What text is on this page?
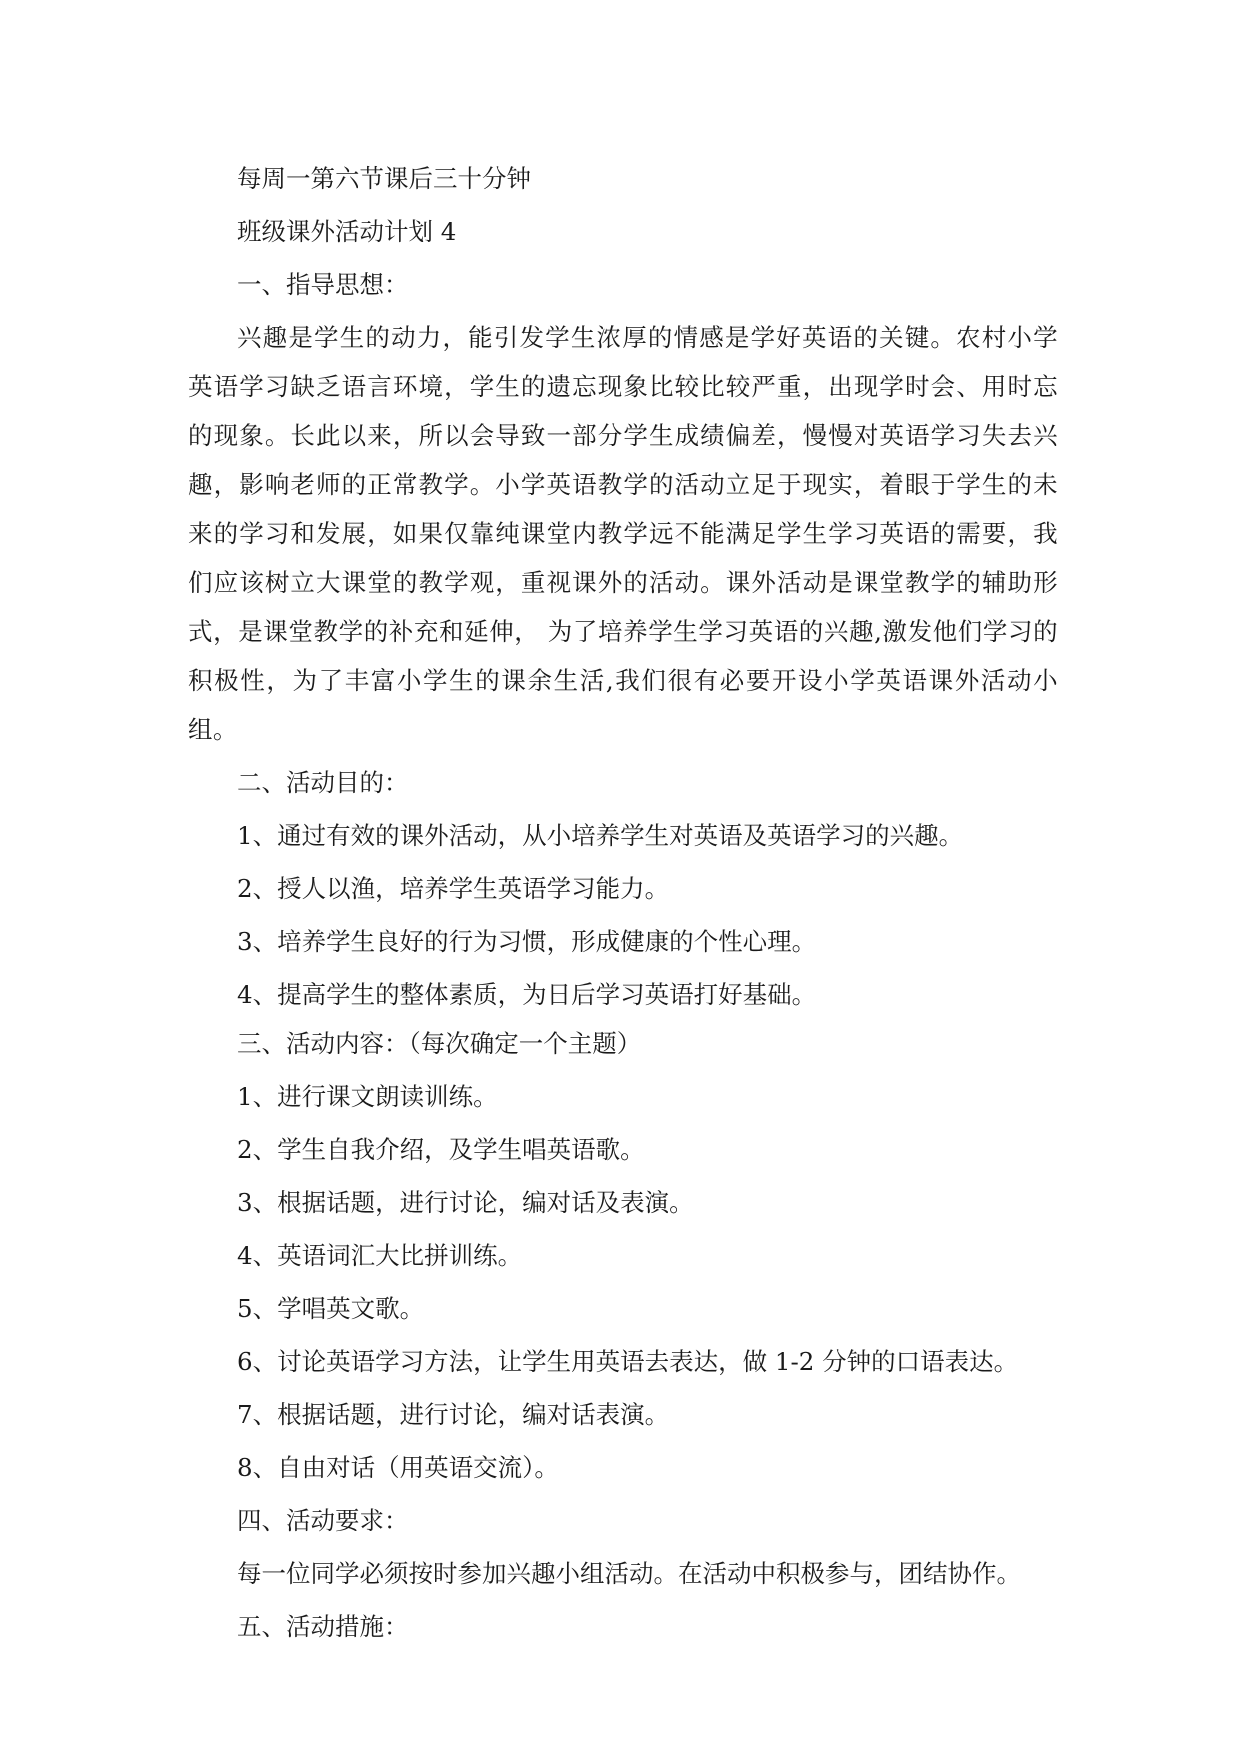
每周一第六节课后三十分钟

班级课外活动计划 4

一、指导思想：

兴趣是学生的动力，能引发学生浓厚的情感是学好英语的关键。农村小学英语学习缺乏语言环境，学生的遗忘现象比较比较严重，出现学时会、用时忘的现象。长此以来，所以会导致一部分学生成绩偏差，慢慢对英语学习失去兴趣，影响老师的正常教学。小学英语教学的活动立足于现实，着眼于学生的未来的学习和发展，如果仅靠纯课堂内教学远不能满足学生学习英语的需要，我们应该树立大课堂的教学观，重视课外的活动。课外活动是课堂教学的辅助形式，是课堂教学的补充和延伸， 为了培养学生学习英语的兴趣,激发他们学习的积极性，为了丰富小学生的课余生活,我们很有必要开设小学英语课外活动小组。

二、活动目的：

1、通过有效的课外活动，从小培养学生对英语及英语学习的兴趣。

2、授人以渔，培养学生英语学习能力。

3、培养学生良好的行为习惯，形成健康的个性心理。

4、提高学生的整体素质，为日后学习英语打好基础。

三、活动内容：（每次确定一个主题）

1、进行课文朗读训练。

2、学生自我介绍，及学生唱英语歌。

3、根据话题，进行讨论，编对话及表演。

4、英语词汇大比拼训练。

5、学唱英文歌。

6、讨论英语学习方法，让学生用英语去表达，做 1-2 分钟的口语表达。

7、根据话题，进行讨论，编对话表演。

8、自由对话（用英语交流）。

四、活动要求：

每一位同学必须按时参加兴趣小组活动。在活动中积极参与，团结协作。

五、活动措施：
